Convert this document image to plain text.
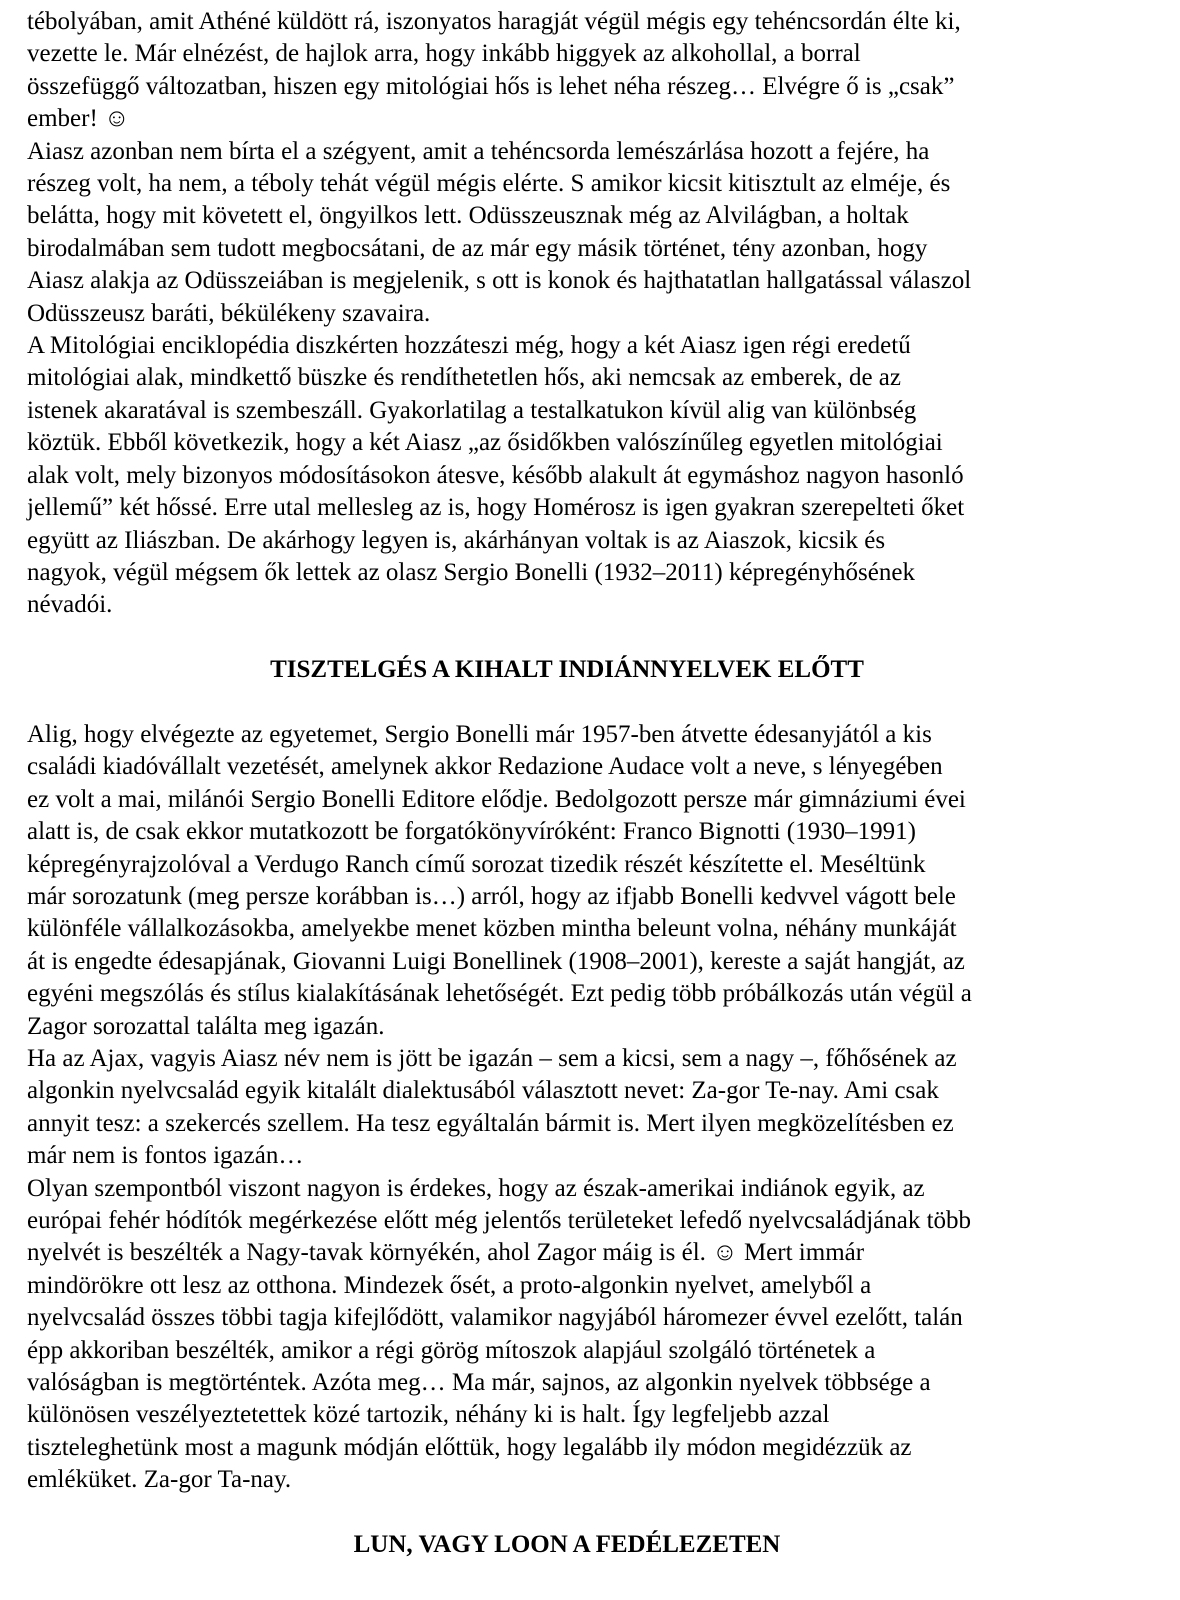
tébolyában, amit Athéné küldött rá, iszonyatos haragját végül mégis egy tehéncsordán élte ki,
vezette le. Már elnézést, de hajlok arra, hogy inkább higgyek az alkohollal, a borral
összefüggő változatban, hiszen egy mitológiai hős is lehet néha részeg… Elvégre ő is „csak”
ember! ☺

Aiasz azonban nem bírta el a szégyent, amit a tehéncsorda lemészárlása hozott a fejére, ha
részeg volt, ha nem, a téboly tehát végül mégis elérte. S amikor kicsit kitisztult az elméje, és
belátta, hogy mit követett el, öngyilkos lett. Odüsszeusznak még az Alvilágban, a holtak
birodalmában sem tudott megbocsátani, de az már egy másik történet, tény azonban, hogy
Aiasz alakja az Odüsszeiában is megjelenik, s ott is konok és hajthatatlan hallgatással válaszol
Odüsszeusz baráti, békülékeny szavaira.

A Mitológiai enciklopédia diszkérten hozzáteszi még, hogy a két Aiasz igen régi eredetű
mitológiai alak, mindkettő büszke és rendíthetetlen hős, aki nemcsak az emberek, de az
istenek akaratával is szembeszáll. Gyakorlatilag a testalkatukon kívül alig van különbség
köztük. Ebből következik, hogy a két Aiasz „az ősidőkben valószínűleg egyetlen mitológiai
alak volt, mely bizonyos módosításokon átesve, később alakult át egymáshoz nagyon hasonló
jellemű” két hőssé. Erre utal mellesleg az is, hogy Homérosz is igen gyakran szerepelteti őket
együtt az Iliászban. De akárhogy legyen is, akárhányan voltak is az Aiaszok, kicsik és
nagyok, végül mégsem ők lettek az olasz Sergio Bonelli (1932–2011) képregényhősének
névadói.

TISZTELGÉS A KIHALT INDIÁNNYELVEK ELŐTT

Alig, hogy elvégezte az egyetemet, Sergio Bonelli már 1957-ben átvette édesanyjától a kis
családi kiadóvállalt vezetését, amelynek akkor Redazione Audace volt a neve, s lényegében
ez volt a mai, milánói Sergio Bonelli Editore elődje. Bedolgozott persze már gimnáziumi évei
alatt is, de csak ekkor mutatkozott be forgatókönyvíróként: Franco Bignotti (1930–1991)
képregényrajzolóval a Verdugo Ranch című sorozat tizedik részét készítette el. Meséltünk
már sorozatunk (meg persze korábban is…) arról, hogy az ifjabb Bonelli kedvvel vágott bele
különféle vállalkozásokba, amelyekbe menet közben mintha beleunt volna, néhány munkáját
át is engedte édesapjának, Giovanni Luigi Bonellinek (1908–2001), kereste a saját hangját, az
egyéni megszólás és stílus kialakításának lehetőségét. Ezt pedig több próbálkozás után végül a
Zagor sorozattal találta meg igazán.

Ha az Ajax, vagyis Aiasz név nem is jött be igazán – sem a kicsi, sem a nagy –, főhősének az
algonkin nyelvcsalád egyik kitalált dialektusából választott nevet: Za-gor Te-nay. Ami csak
annyit tesz: a szekercés szellem. Ha tesz egyáltalán bármit is. Mert ilyen megközelítésben ez
már nem is fontos igazán…

Olyan szempontból viszont nagyon is érdekes, hogy az észak-amerikai indiánok egyik, az
európai fehér hódítók megérkezése előtt még jelentős területeket lefedő nyelvcsaládjának több
nyelvét is beszélték a Nagy-tavak környékén, ahol Zagor máig is él. ☺ Mert immár
mindörökre ott lesz az otthona. Mindezek ősét, a proto-algonkin nyelvet, amelyből a
nyelvcsalád összes többi tagja kifejlődött, valamikor nagyjából háromezer évvel ezelőtt, talán
épp akkoriban beszélték, amikor a régi görög mítoszok alapjául szolgáló történetek a
valóságban is megtörténtek. Azóta meg… Ma már, sajnos, az algonkin nyelvek többsége a
különösen veszélyeztetettek közé tartozik, néhány ki is halt. Így legfeljebb azzal
tiszteleghetünk most a magunk módján előttük, hogy legalább ily módon megidézzük az
emléküket. Za-gor Ta-nay.

LUN, VAGY LOON A FEDÉLEZETEN
